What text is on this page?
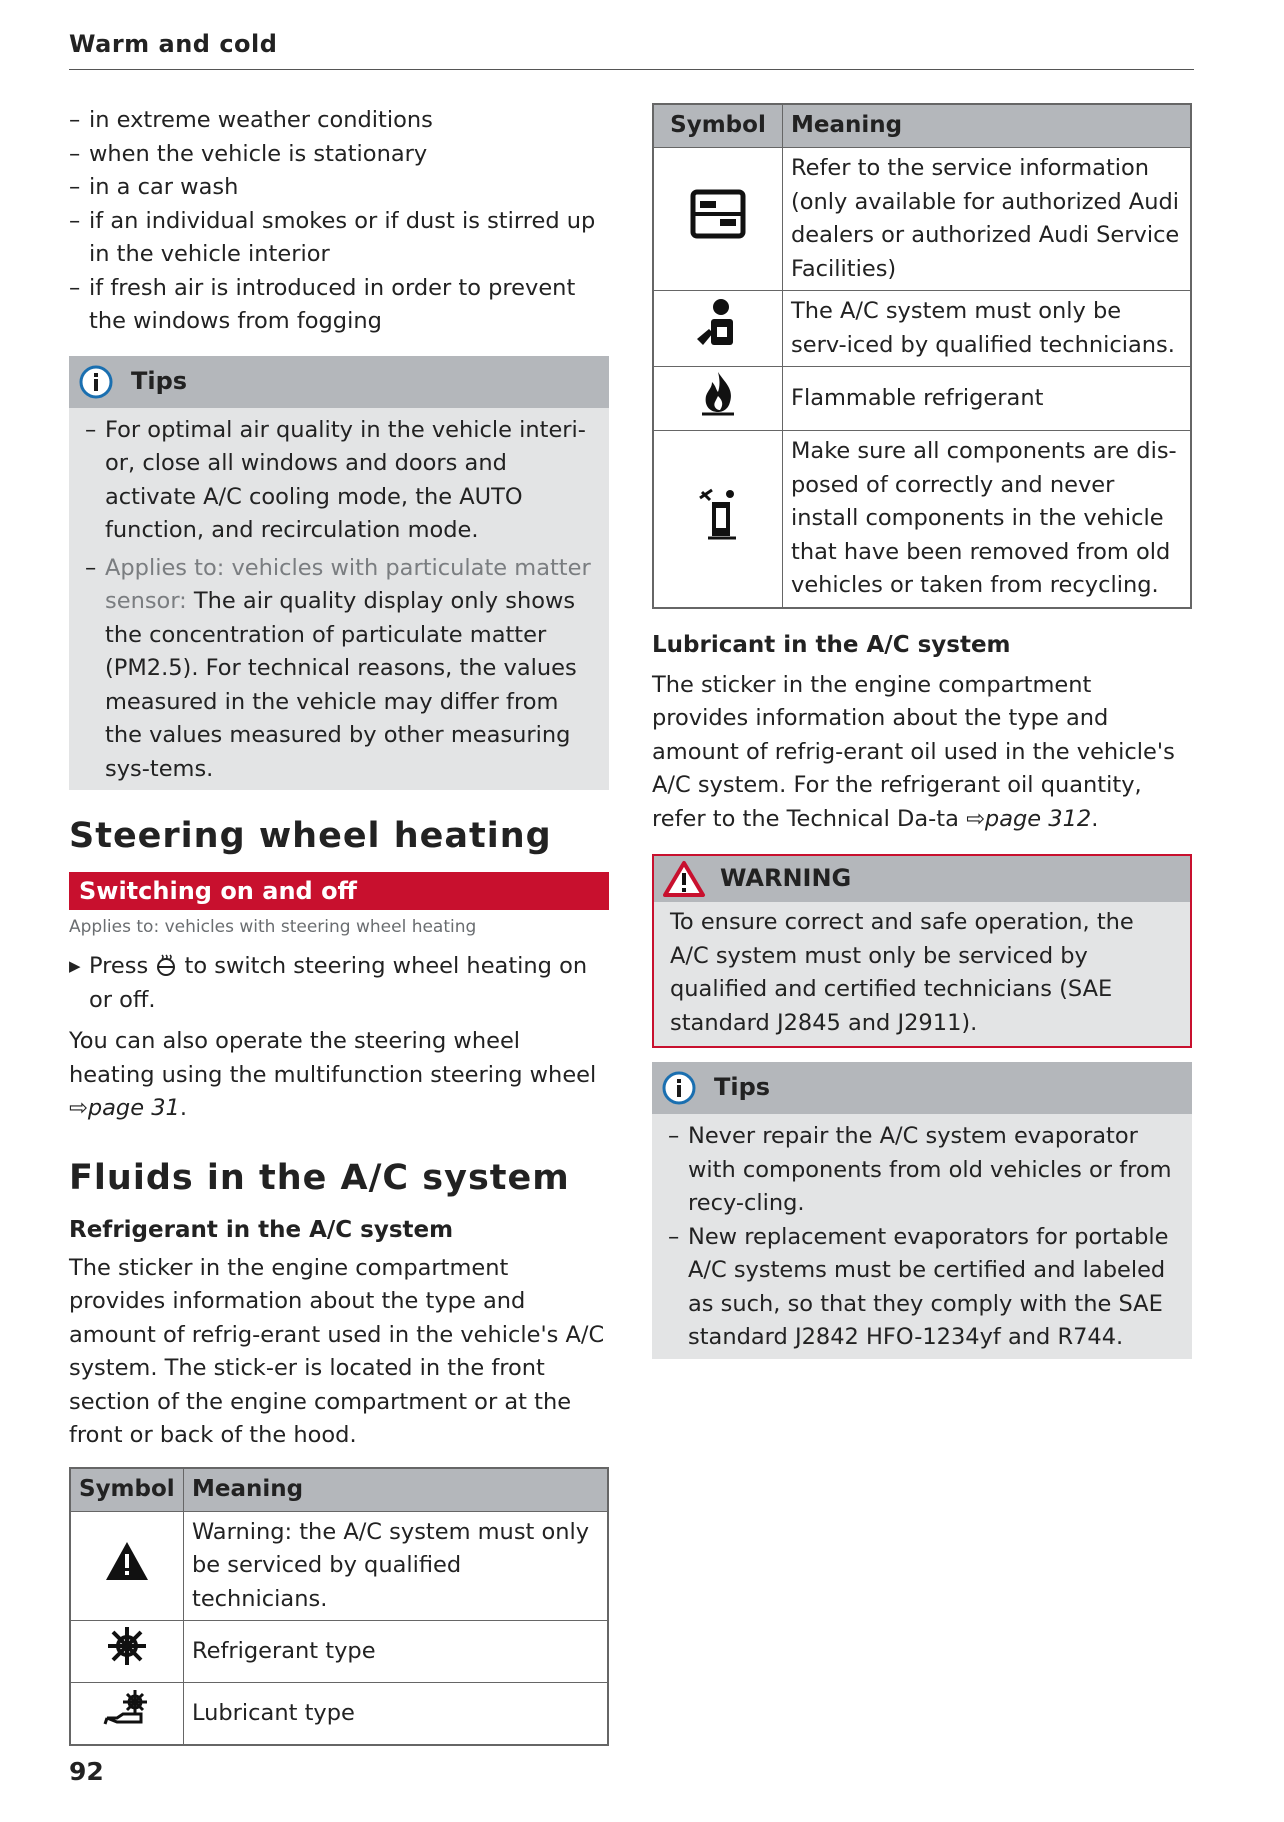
Warm and cold
– in extreme weather conditions
– when the vehicle is stationary
– in a car wash
– if an individual smokes or if dust is stirred up in the vehicle interior
– if fresh air is introduced in order to prevent the windows from fogging
Tips
– For optimal air quality in the vehicle interi-or, close all windows and doors and activate A/C cooling mode, the AUTO function, and recirculation mode.
– Applies to: vehicles with particulate matter sensor: The air quality display only shows the concentration of particulate matter (PM2.5). For technical reasons, the values measured in the vehicle may differ from the values measured by other measuring sys-tems.
Steering wheel heating
Switching on and off
Applies to: vehicles with steering wheel heating

▶ Press to switch steering wheel heating on or off.

You can also operate the steering wheel heating using the multifunction steering wheel
⇨page 31.

Fluids in the A/C system
Refrigerant in the A/C system

The sticker in the engine compartment provides information about the type and amount of refrig-erant used in the vehicle's A/C system. The stick-er is located in the front section of the engine compartment or at the front or back of the hood.

Symbol	Meaning
	Warning: the A/C system must only be serviced by qualified technicians.
	Refrigerant type
	Lubricant type
Symbol	Meaning
	Refer to the service information (only available for authorized Audi dealers or authorized Audi Service Facilities)
	The A/C system must only be serv-iced by qualified technicians.
	Flammable refrigerant
	Make sure all components are dis-posed of correctly and never install components in the vehicle that have been removed from old vehicles or taken from recycling.
Lubricant in the A/C system

The sticker in the engine compartment provides information about the type and amount of refrig-erant oil used in the vehicle's A/C system. For the refrigerant oil quantity, refer to the Technical Da-ta ⇨page 312.

WARNING
To ensure correct and safe operation, the A/C system must only be serviced by qualified and certified technicians (SAE standard J2845 and J2911).
Tips
– Never repair the A/C system evaporator with components from old vehicles or from recy-cling.
– New replacement evaporators for portable A/C systems must be certified and labeled as such, so that they comply with the SAE standard J2842 HFO-1234yf and R744.
92
